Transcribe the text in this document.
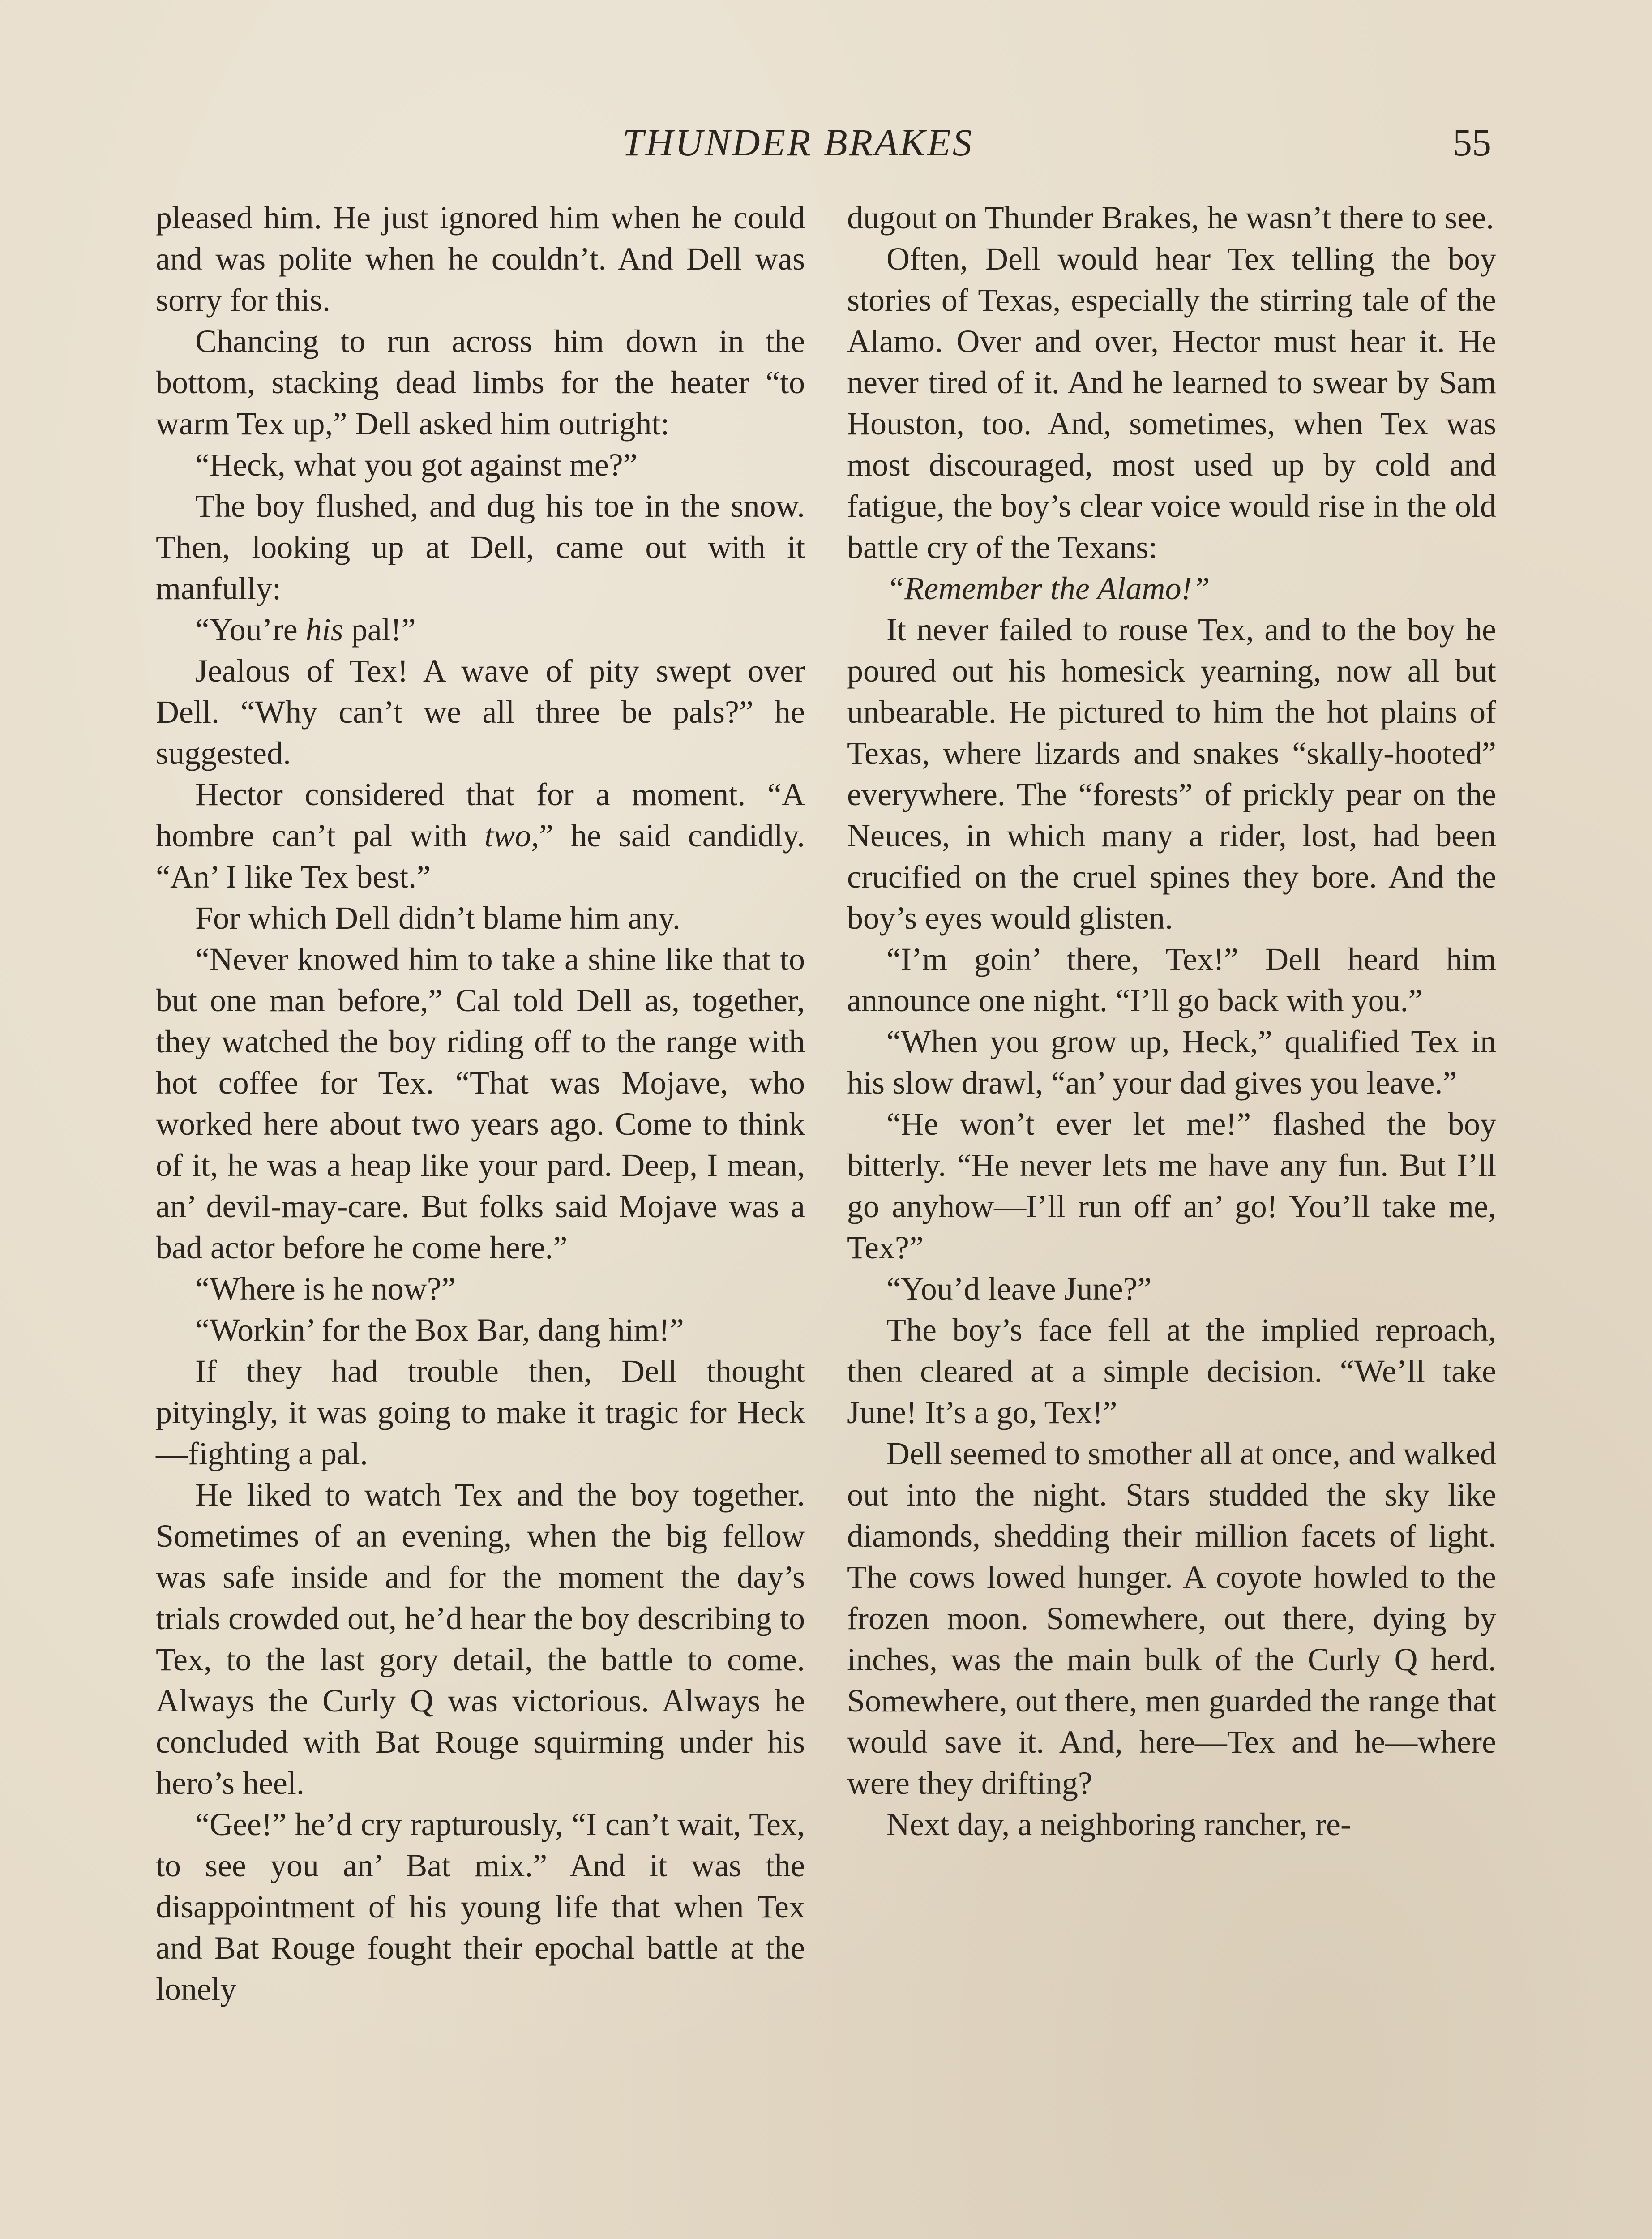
THUNDER BRAKES	55

pleased him. He just ignored him when he could and was polite when he couldn’t. And Dell was sorry for this.

Chancing to run across him down in the bottom, stacking dead limbs for the heater “to warm Tex up,” Dell asked him outright:

“Heck, what you got against me?”

The boy flushed, and dug his toe in the snow. Then, looking up at Dell, came out with it manfully:

“You’re his pal!”

Jealous of Tex! A wave of pity swept over Dell. “Why can’t we all three be pals?” he suggested.

Hector considered that for a moment. “A hombre can’t pal with two,” he said candidly. “An’ I like Tex best.”

For which Dell didn’t blame him any.

“Never knowed him to take a shine like that to but one man before,” Cal told Dell as, together, they watched the boy riding off to the range with hot coffee for Tex. “That was Mojave, who worked here about two years ago. Come to think of it, he was a heap like your pard. Deep, I mean, an’ devil-may-care. But folks said Mojave was a bad actor before he come here.”

“Where is he now?”

“Workin’ for the Box Bar, dang him!”

If they had trouble then, Dell thought pityingly, it was going to make it tragic for Heck—fighting a pal.

He liked to watch Tex and the boy together. Sometimes of an evening, when the big fellow was safe inside and for the moment the day’s trials crowded out, he’d hear the boy describing to Tex, to the last gory detail, the battle to come. Always the Curly Q was victorious. Always he concluded with Bat Rouge squirming under his hero’s heel.

“Gee!” he’d cry rapturously, “I can’t wait, Tex, to see you an’ Bat mix.” And it was the disappointment of his young life that when Tex and Bat Rouge fought their epochal battle at the lonely

dugout on Thunder Brakes, he wasn’t there to see.

Often, Dell would hear Tex telling the boy stories of Texas, especially the stirring tale of the Alamo. Over and over, Hector must hear it. He never tired of it. And he learned to swear by Sam Houston, too. And, sometimes, when Tex was most discouraged, most used up by cold and fatigue, the boy’s clear voice would rise in the old battle cry of the Texans:

“Remember the Alamo!”

It never failed to rouse Tex, and to the boy he poured out his homesick yearning, now all but unbearable. He pictured to him the hot plains of Texas, where lizards and snakes “skally-hooted” everywhere. The “forests” of prickly pear on the Neuces, in which many a rider, lost, had been crucified on the cruel spines they bore. And the boy’s eyes would glisten.

“I’m goin’ there, Tex!” Dell heard him announce one night. “I’ll go back with you.”

“When you grow up, Heck,” qualified Tex in his slow drawl, “an’ your dad gives you leave.”

“He won’t ever let me!” flashed the boy bitterly. “He never lets me have any fun. But I’ll go anyhow—I’ll run off an’ go! You’ll take me, Tex?”

“You’d leave June?”

The boy’s face fell at the implied reproach, then cleared at a simple decision. “We’ll take June! It’s a go, Tex!”

Dell seemed to smother all at once, and walked out into the night. Stars studded the sky like diamonds, shedding their million facets of light. The cows lowed hunger. A coyote howled to the frozen moon. Somewhere, out there, dying by inches, was the main bulk of the Curly Q herd. Somewhere, out there, men guarded the range that would save it. And, here—Tex and he—where were they drifting?

Next day, a neighboring rancher, re-
